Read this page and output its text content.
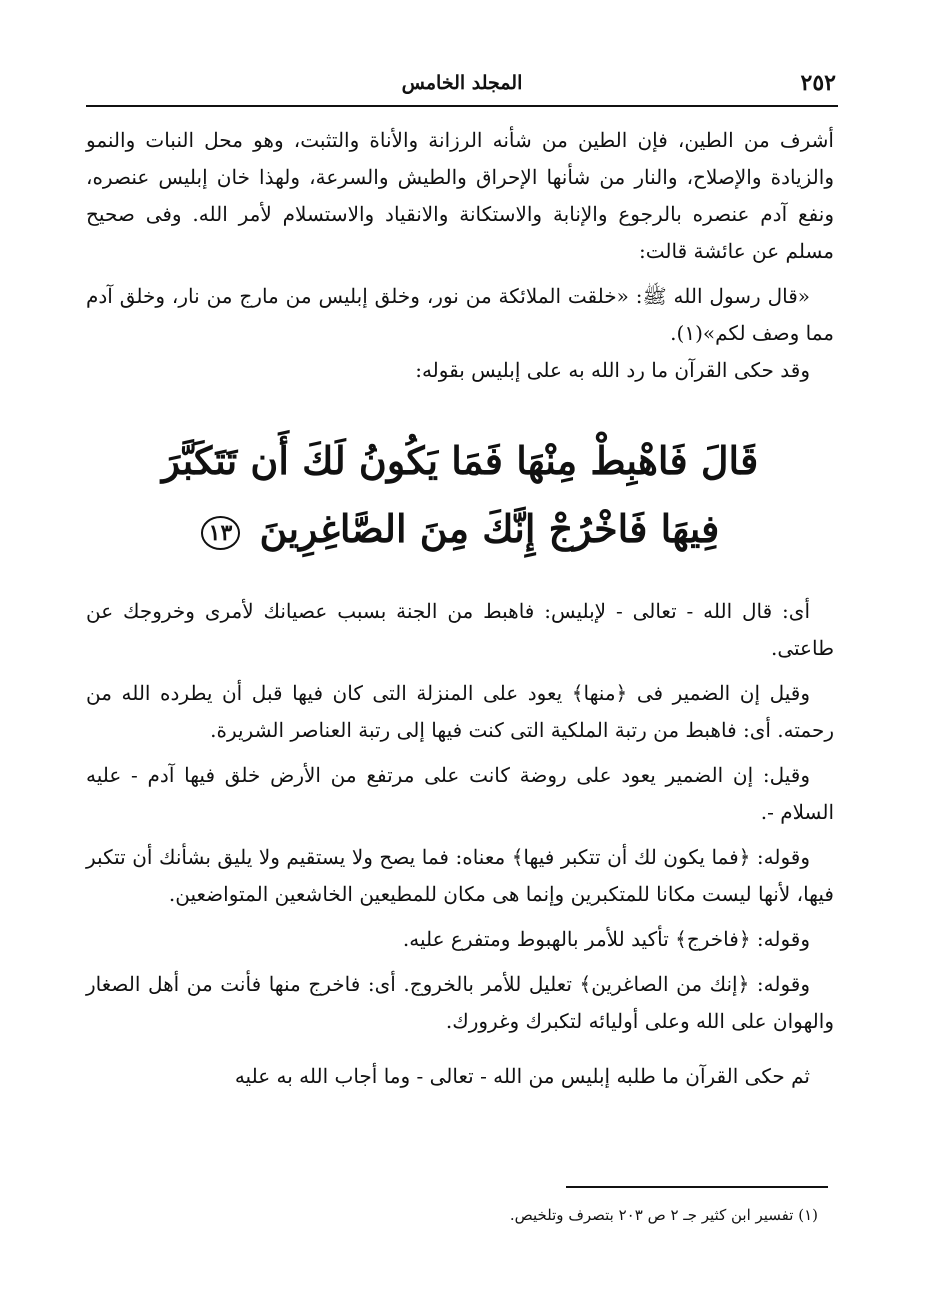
٢٥٢
المجلد الخامس

أشرف من الطين، فإن الطين من شأنه الرزانة والأناة والتثبت، وهو محل النبات والنمو والزيادة والإصلاح، والنار من شأنها الإحراق والطيش والسرعة، ولهذا خان إبليس عنصره، ونفع آدم عنصره بالرجوع والإنابة والاستكانة والانقياد والاستسلام لأمر الله. وفى صحيح مسلم عن عائشة قالت:

«قال رسول الله ﷺ: «خلقت الملائكة من نور، وخلق إبليس من مارج من نار، وخلق آدم مما وصف لكم»(١).

وقد حكى القرآن ما رد الله به على إبليس بقوله:

قَالَ فَاهْبِطْ مِنْهَا فَمَا يَكُونُ لَكَ أَن تَتَكَبَّرَ
فِيهَا فَاخْرُجْ إِنَّكَ مِنَ الصَّاغِرِينَ ١٣

أى: قال الله - تعالى - لإبليس: فاهبط من الجنة بسبب عصيانك لأمرى وخروجك عن طاعتى.

وقيل إن الضمير فى ﴿منها﴾ يعود على المنزلة التى كان فيها قبل أن يطرده الله من رحمته. أى: فاهبط من رتبة الملكية التى كنت فيها إلى رتبة العناصر الشريرة.

وقيل: إن الضمير يعود على روضة كانت على مرتفع من الأرض خلق فيها آدم - عليه السلام -.

وقوله: ﴿فما يكون لك أن تتكبر فيها﴾ معناه: فما يصح ولا يستقيم ولا يليق بشأنك أن تتكبر فيها، لأنها ليست مكانا للمتكبرين وإنما هى مكان للمطيعين الخاشعين المتواضعين.

وقوله: ﴿فاخرج﴾ تأكيد للأمر بالهبوط ومتفرع عليه.

وقوله: ﴿إنك من الصاغرين﴾ تعليل للأمر بالخروج. أى: فاخرج منها فأنت من أهل الصغار والهوان على الله وعلى أوليائه لتكبرك وغرورك.

ثم حكى القرآن ما طلبه إبليس من الله - تعالى - وما أجاب الله به عليه

(١) تفسير ابن كثير جـ ٢ ص ٢٠٣ بتصرف وتلخيص.
